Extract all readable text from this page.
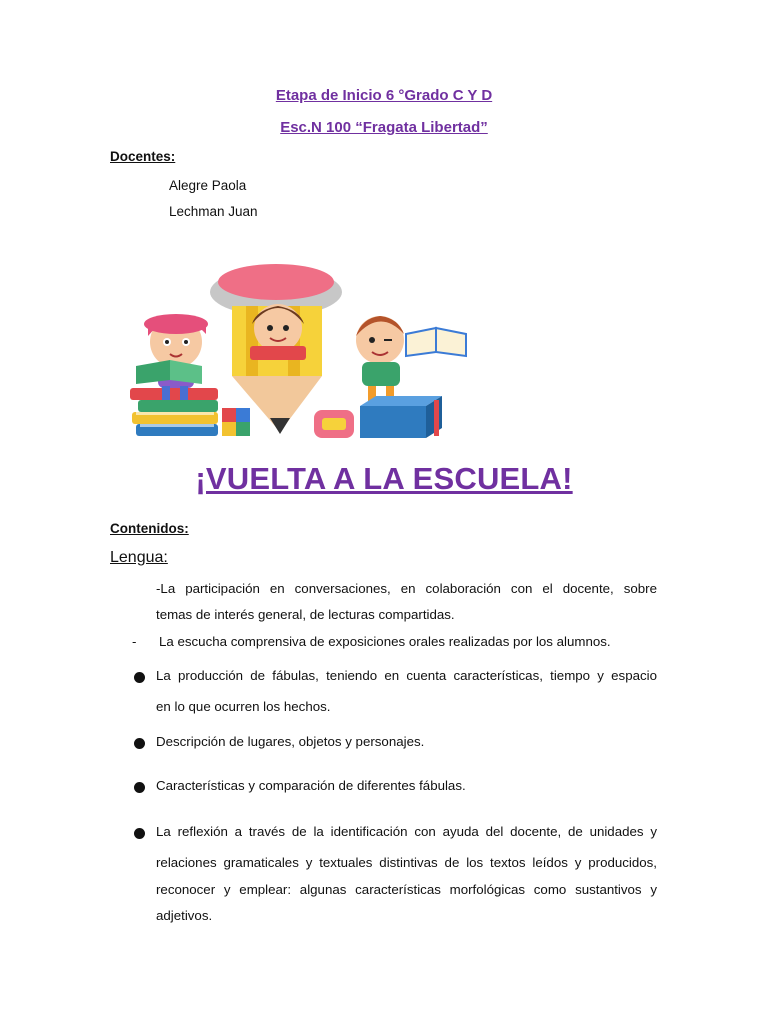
Etapa de Inicio 6 °Grado C Y D
Esc.N 100 “Fragata Libertad”
Docentes:
Alegre Paola
Lechman Juan
¡VUELTA A LA ESCUELA!
Contenidos:
Lengua:
-La participación en conversaciones, en colaboración con el docente, sobre
temas de interés general, de lecturas compartidas.
- La escucha comprensiva de exposiciones orales realizadas por los alumnos.
La producción de fábulas, teniendo en cuenta características, tiempo y espacio
en lo que ocurren los hechos.
Descripción de lugares, objetos y personajes.
Características y comparación de diferentes fábulas.
La reflexión a través de la identificación con ayuda del docente, de unidades y
relaciones gramaticales y textuales distintivas de los textos leídos y producidos,
reconocer y emplear: algunas características morfológicas como sustantivos y
adjetivos.
